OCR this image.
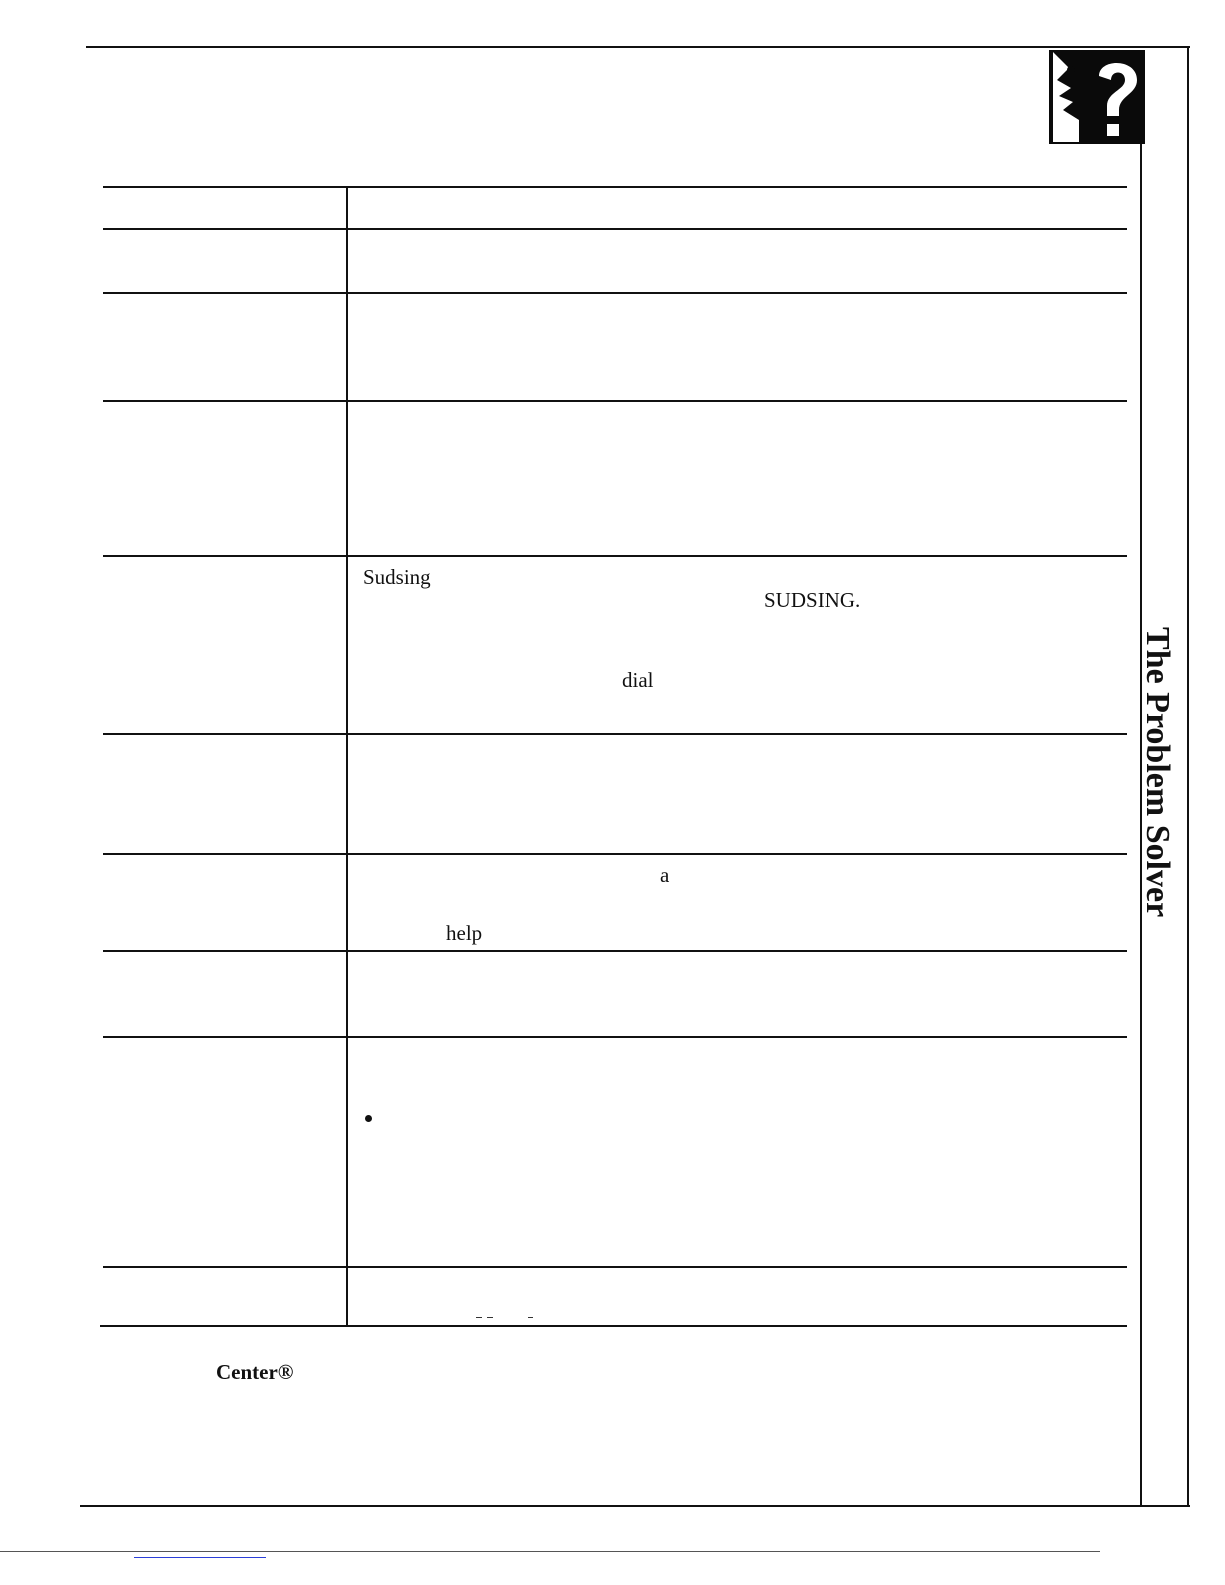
The Problem Solver
Sudsing
SUDSING.
dial
a
help
Center®
